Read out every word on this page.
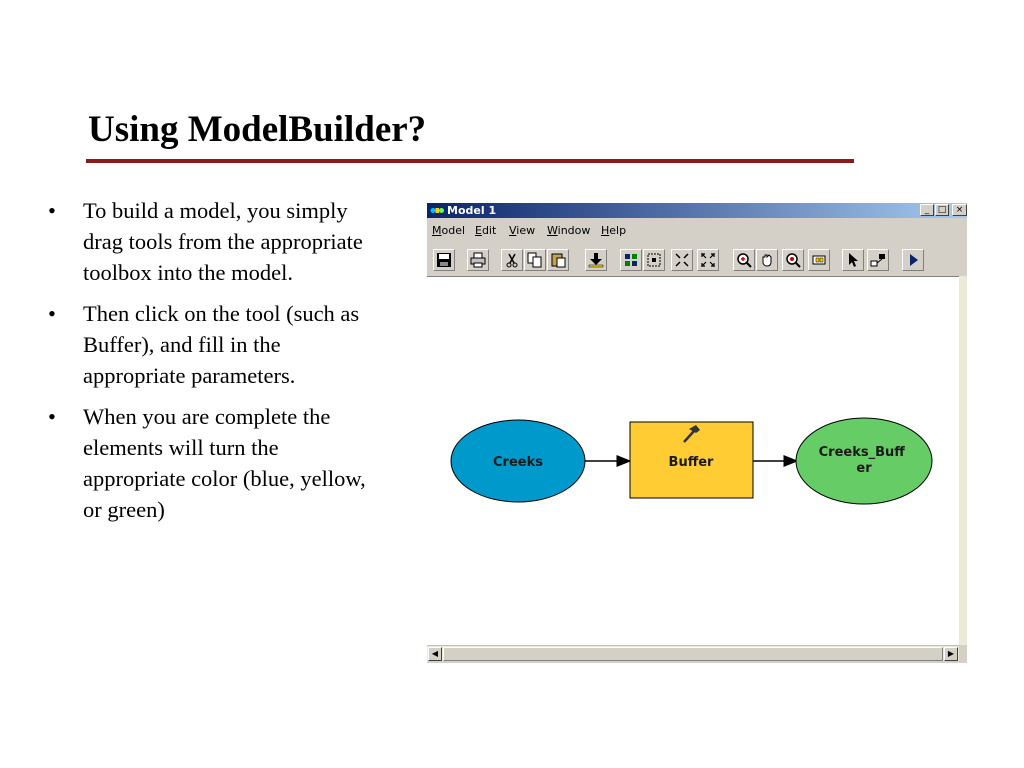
Using ModelBuilder?
• To build a model, you simply drag tools from the appropriate toolbox into the model.
• Then click on the tool (such as Buffer), and fill in the appropriate parameters.
• When you are complete the elements will turn the appropriate color (blue, yellow, or green)
Model 1	_ □	×
Model Edit View Window Help
Creeks	Buffer
Creeks_Buff er
◀	▶
